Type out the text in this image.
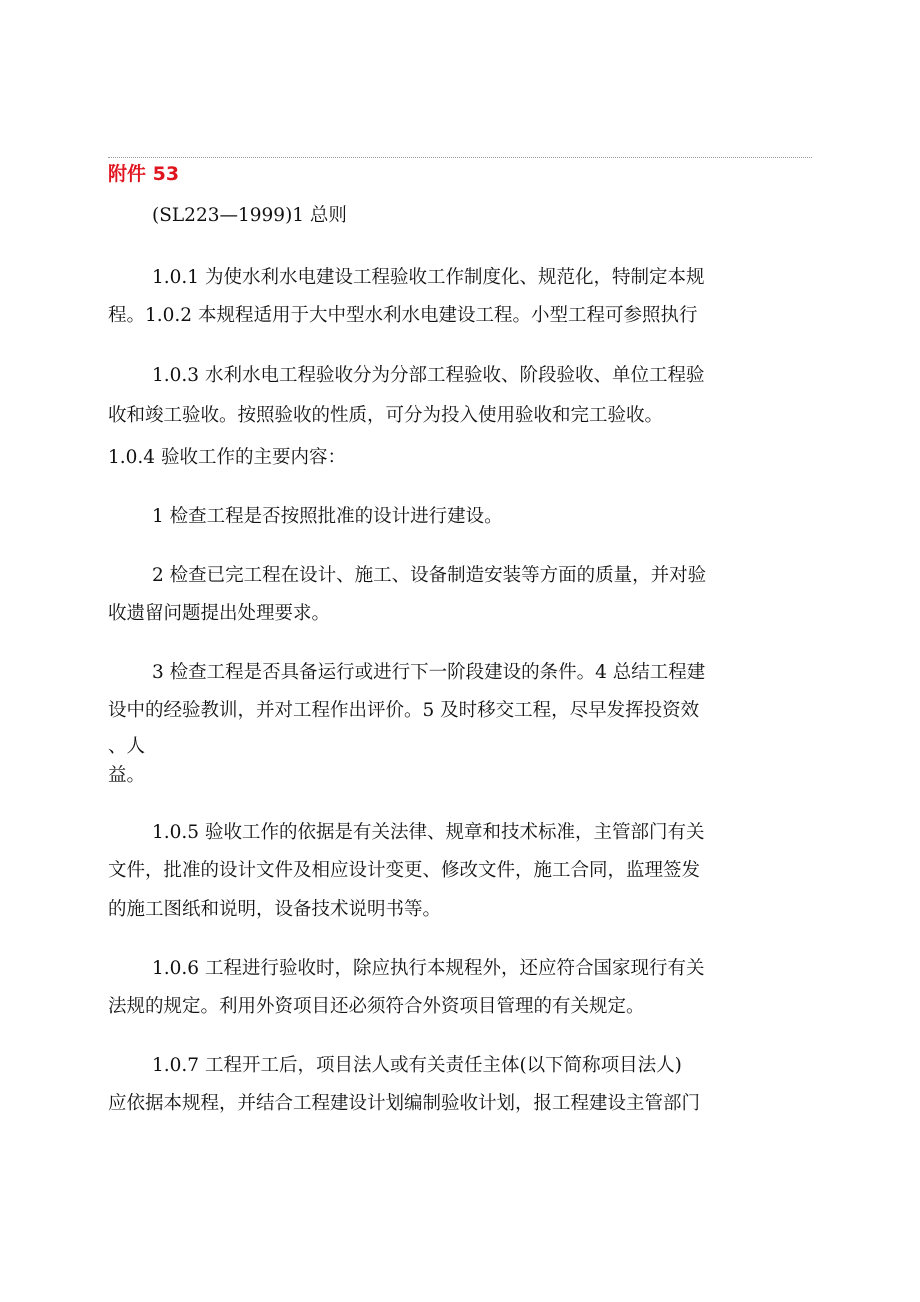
附件 53
(SL223—1999)1 总则
1.0.1 为使水利水电建设工程验收工作制度化、规范化，特制定本规
程。1.0.2 本规程适用于大中型水利水电建设工程。小型工程可参照执行
1.0.3 水利水电工程验收分为分部工程验收、阶段验收、单位工程验
收和竣工验收。按照验收的性质，可分为投入使用验收和完工验收。
1.0.4 验收工作的主要内容：
1 检查工程是否按照批准的设计进行建设。
2 检查已完工程在设计、施工、设备制造安装等方面的质量，并对验
收遗留问题提出处理要求。
3 检查工程是否具备运行或进行下一阶段建设的条件。4 总结工程建
设中的经验教训，并对工程作出评价。5 及时移交工程，尽早发挥投资效
、人
益。
1.0.5 验收工作的依据是有关法律、规章和技术标准，主管部门有关
文件，批准的设计文件及相应设计变更、修改文件，施工合同，监理签发
的施工图纸和说明，设备技术说明书等。
1.0.6 工程进行验收时，除应执行本规程外，还应符合国家现行有关
法规的规定。利用外资项目还必须符合外资项目管理的有关规定。
1.0.7 工程开工后，项目法人或有关责任主体(以下简称项目法人)
应依据本规程，并结合工程建设计划编制验收计划，报工程建设主管部门
